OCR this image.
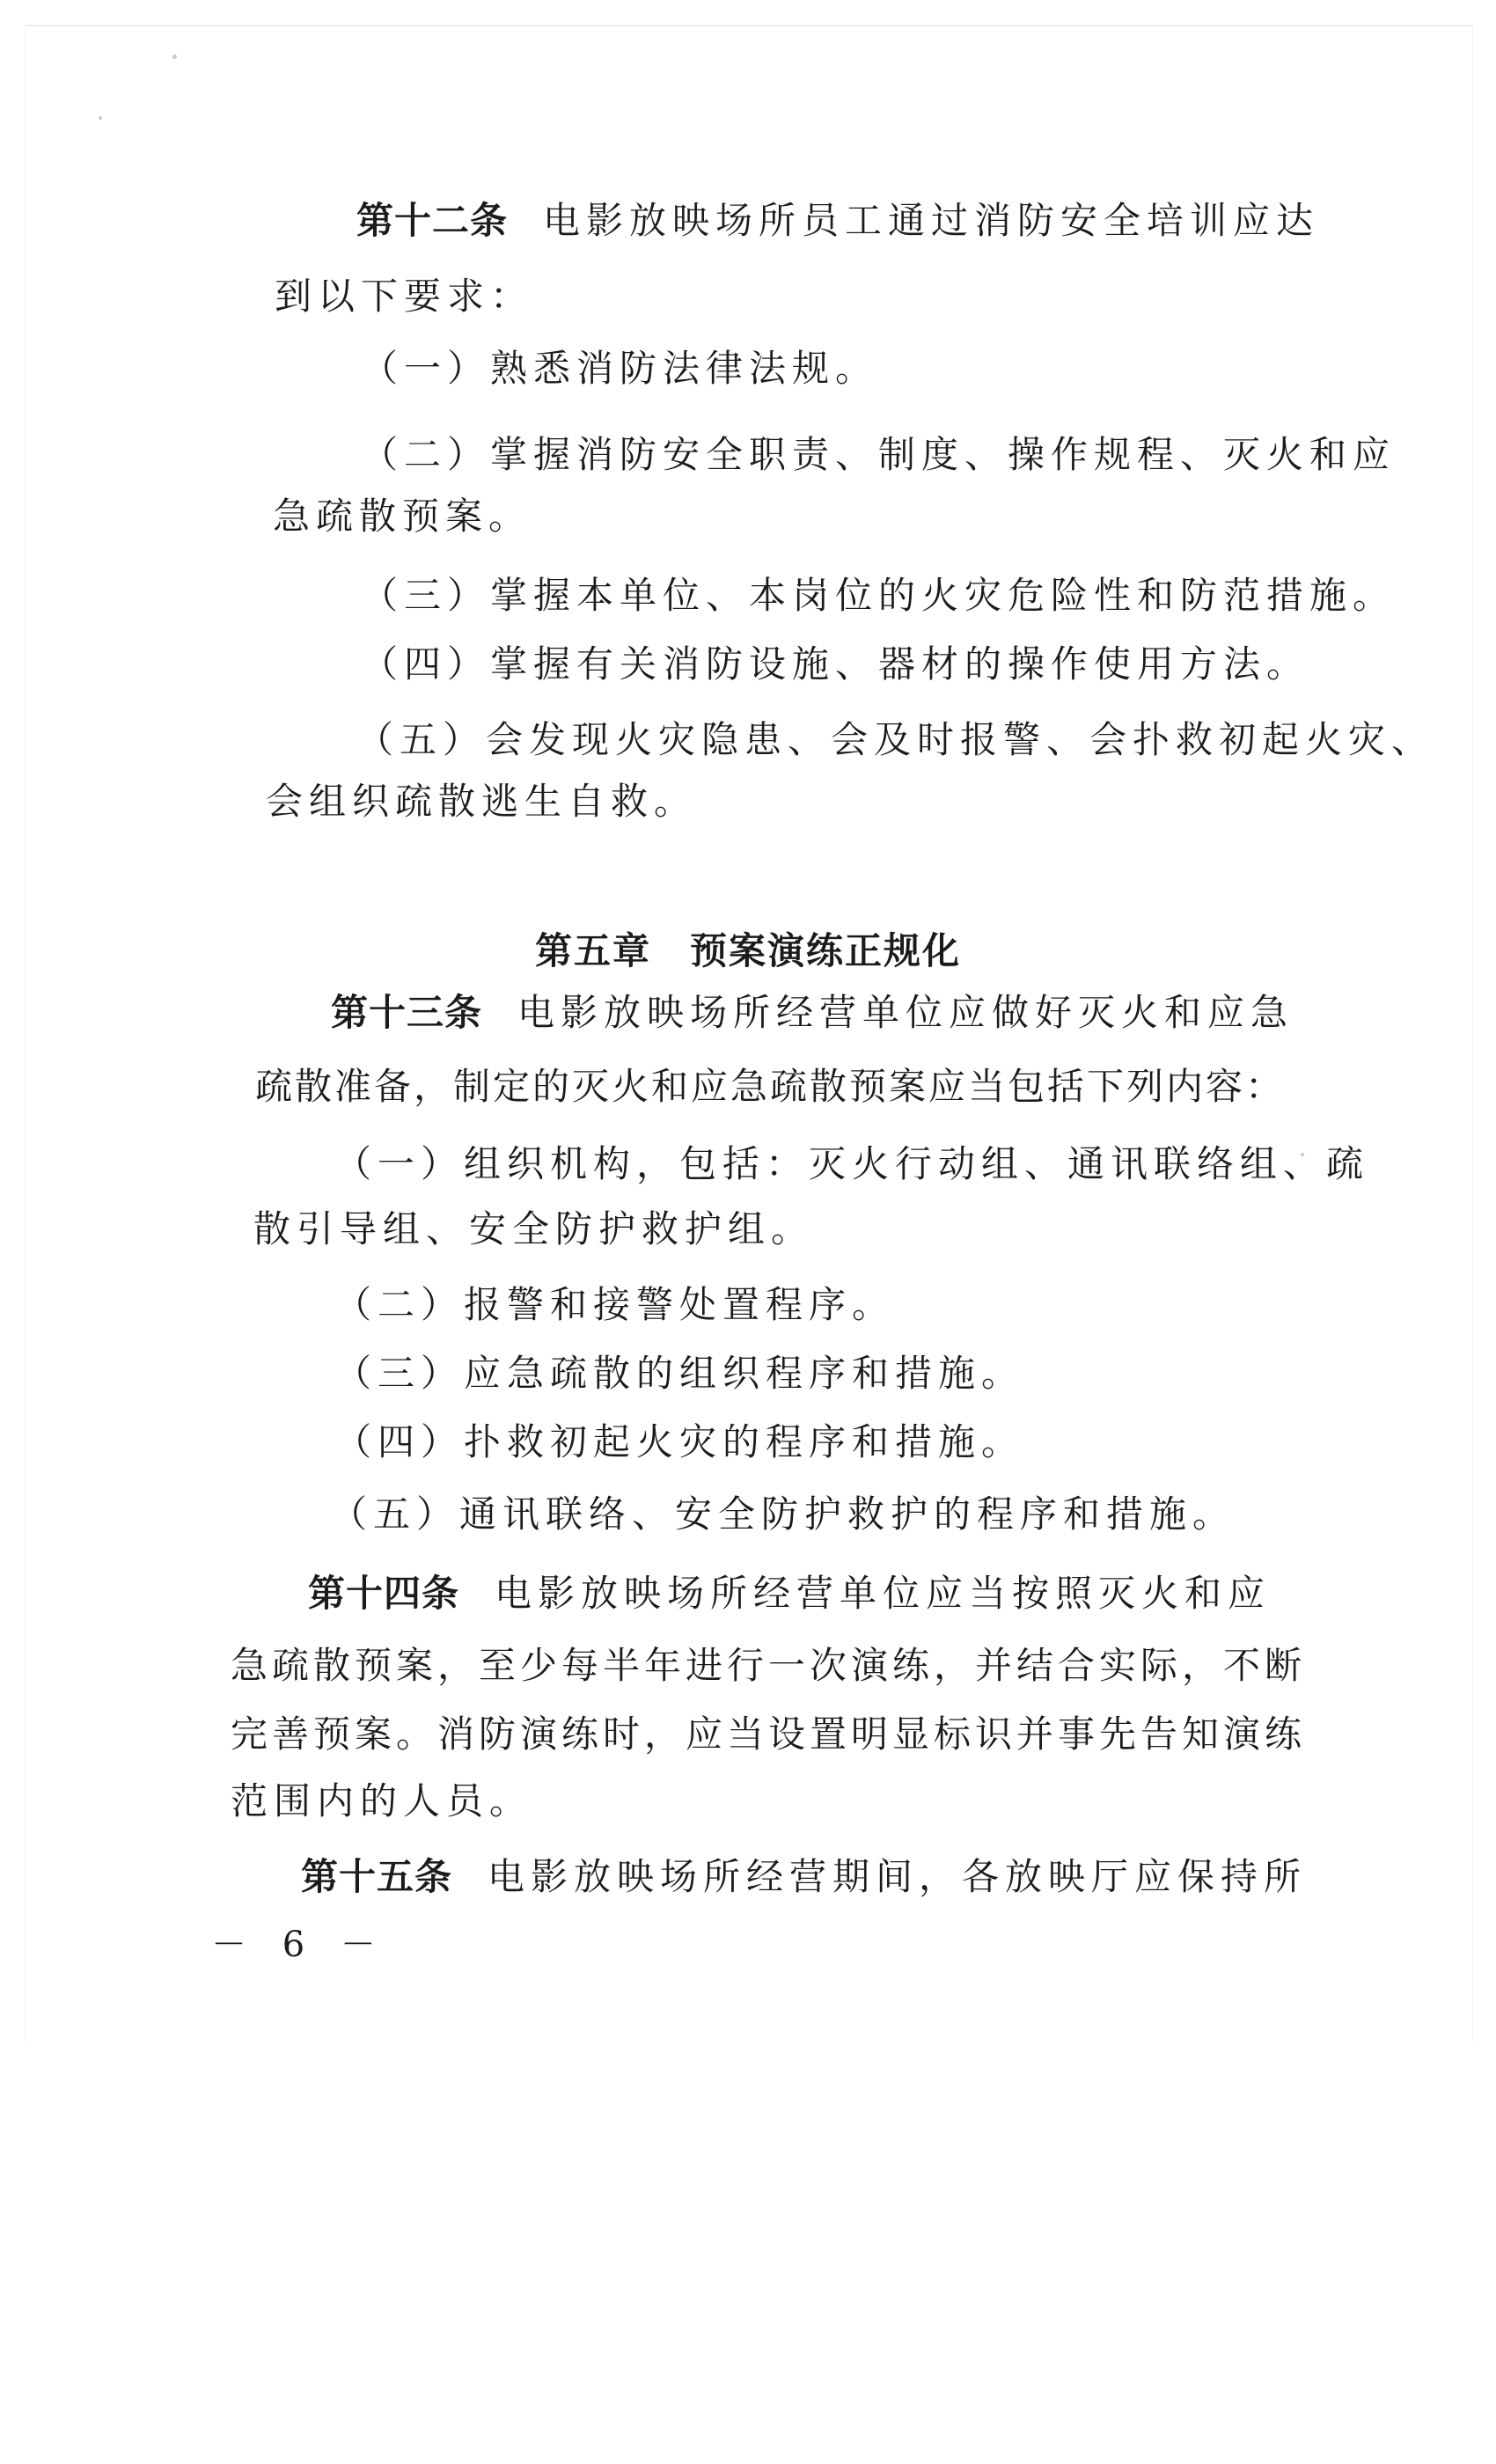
第十二条 电影放映场所员工通过消防安全培训应达
到以下要求：
（一）熟悉消防法律法规。
（二）掌握消防安全职责、制度、操作规程、灭火和应
急疏散预案。
（三）掌握本单位、本岗位的火灾危险性和防范措施。
（四）掌握有关消防设施、器材的操作使用方法。
（五）会发现火灾隐患、会及时报警、会扑救初起火灾、
会组织疏散逃生自救。
第五章　预案演练正规化
第十三条 电影放映场所经营单位应做好灭火和应急
疏散准备，制定的灭火和应急疏散预案应当包括下列内容：
（一）组织机构，包括：灭火行动组、通讯联络组、疏
散引导组、安全防护救护组。
（二）报警和接警处置程序。
（三）应急疏散的组织程序和措施。
（四）扑救初起火灾的程序和措施。
（五）通讯联络、安全防护救护的程序和措施。
第十四条 电影放映场所经营单位应当按照灭火和应
急疏散预案，至少每半年进行一次演练，并结合实际，不断
完善预案。消防演练时，应当设置明显标识并事先告知演练
范围内的人员。
第十五条 电影放映场所经营期间，各放映厅应保持所
－ 6 －
